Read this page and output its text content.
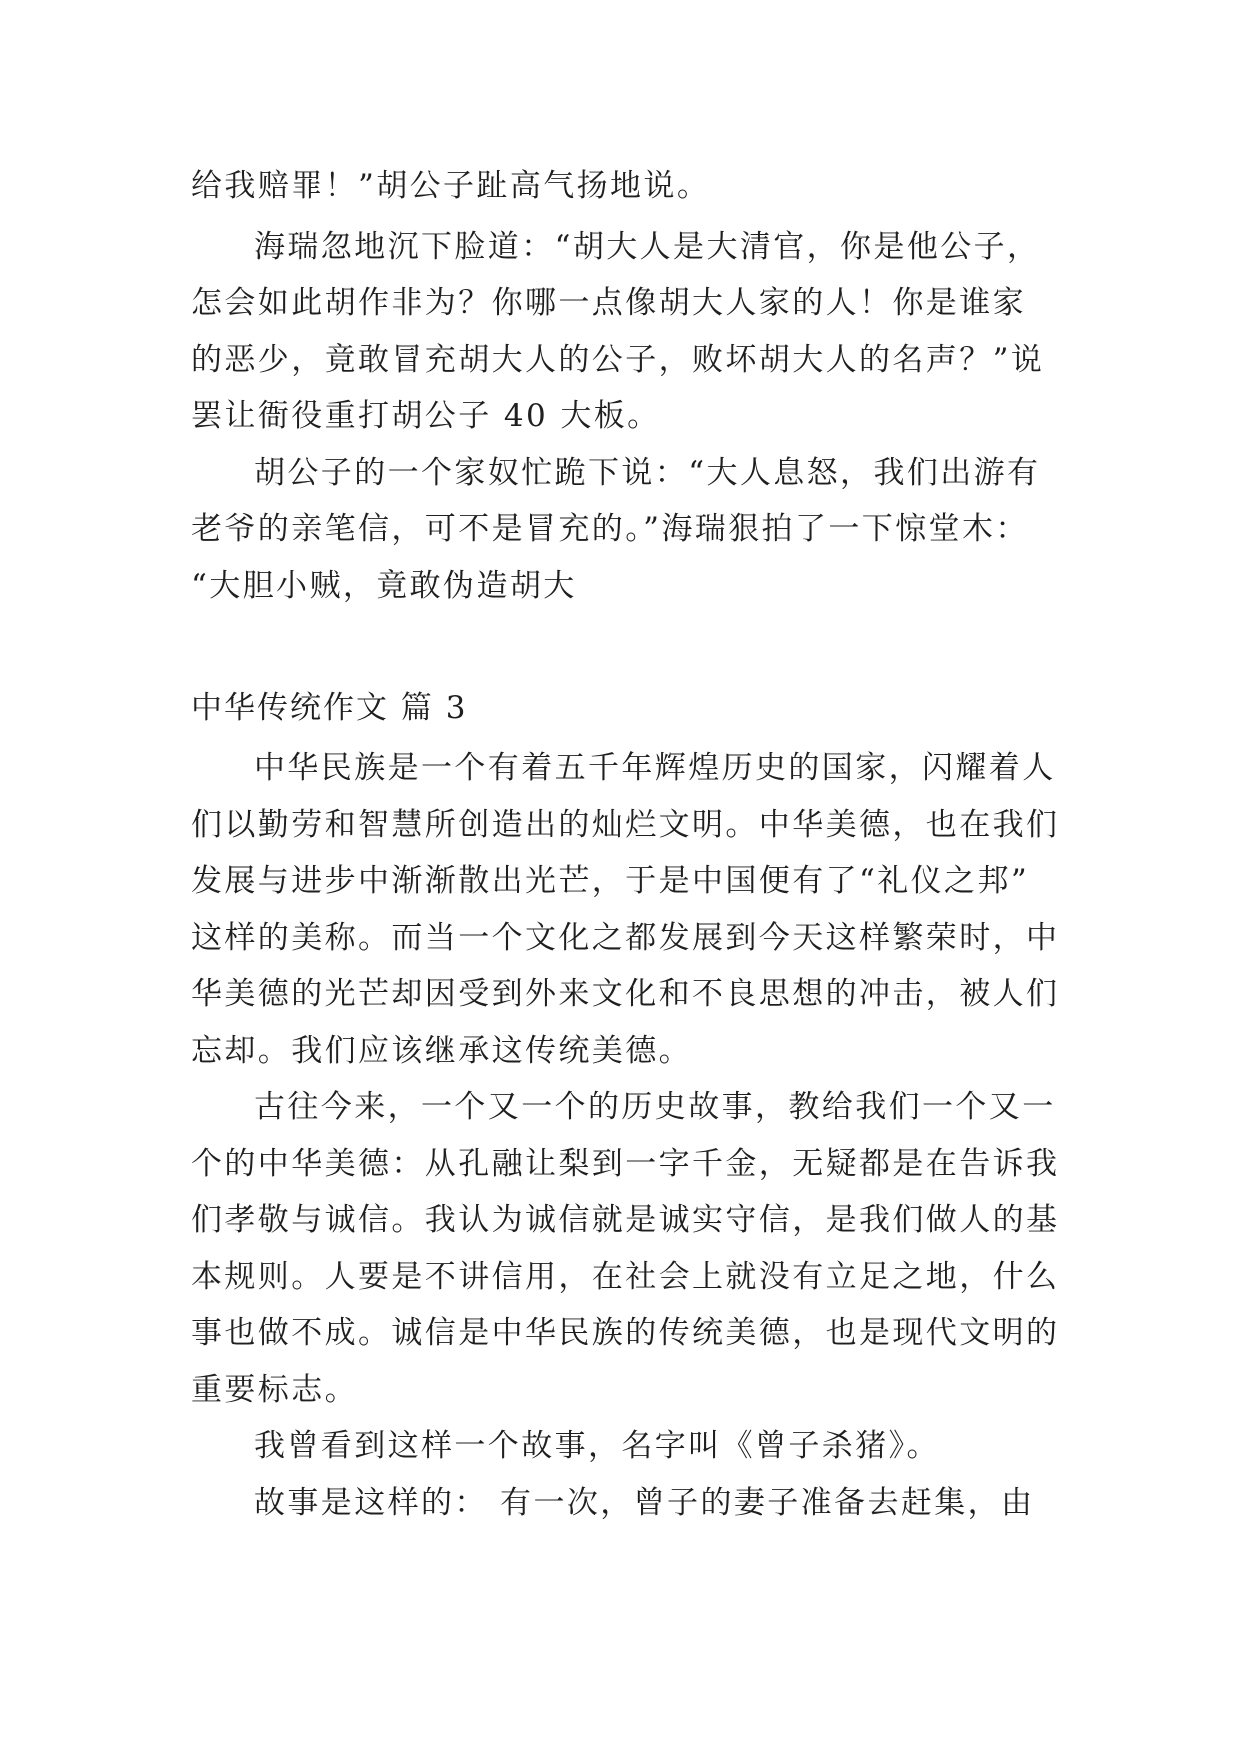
给我赔罪！”胡公子趾高气扬地说。

海瑞忽地沉下脸道：“胡大人是大清官，你是他公子，

怎会如此胡作非为？你哪一点像胡大人家的人！你是谁家

的恶少，竟敢冒充胡大人的公子，败坏胡大人的名声？”说

罢让衙役重打胡公子 40 大板。

胡公子的一个家奴忙跪下说：“大人息怒，我们出游有

老爷的亲笔信，可不是冒充的。”海瑞狠拍了一下惊堂木：

“大胆小贼，竟敢伪造胡大

中华传统作文 篇 3

中华民族是一个有着五千年辉煌历史的国家，闪耀着人

们以勤劳和智慧所创造出的灿烂文明。中华美德，也在我们

发展与进步中渐渐散出光芒，于是中国便有了“礼仪之邦”

这样的美称。而当一个文化之都发展到今天这样繁荣时，中

华美德的光芒却因受到外来文化和不良思想的冲击，被人们

忘却。我们应该继承这传统美德。

古往今来，一个又一个的历史故事，教给我们一个又一

个的中华美德：从孔融让梨到一字千金，无疑都是在告诉我

们孝敬与诚信。我认为诚信就是诚实守信，是我们做人的基

本规则。人要是不讲信用，在社会上就没有立足之地，什么

事也做不成。诚信是中华民族的传统美德，也是现代文明的

重要标志。

我曾看到这样一个故事，名字叫《曾子杀猪》。

故事是这样的： 有一次，曾子的妻子准备去赶集，由
